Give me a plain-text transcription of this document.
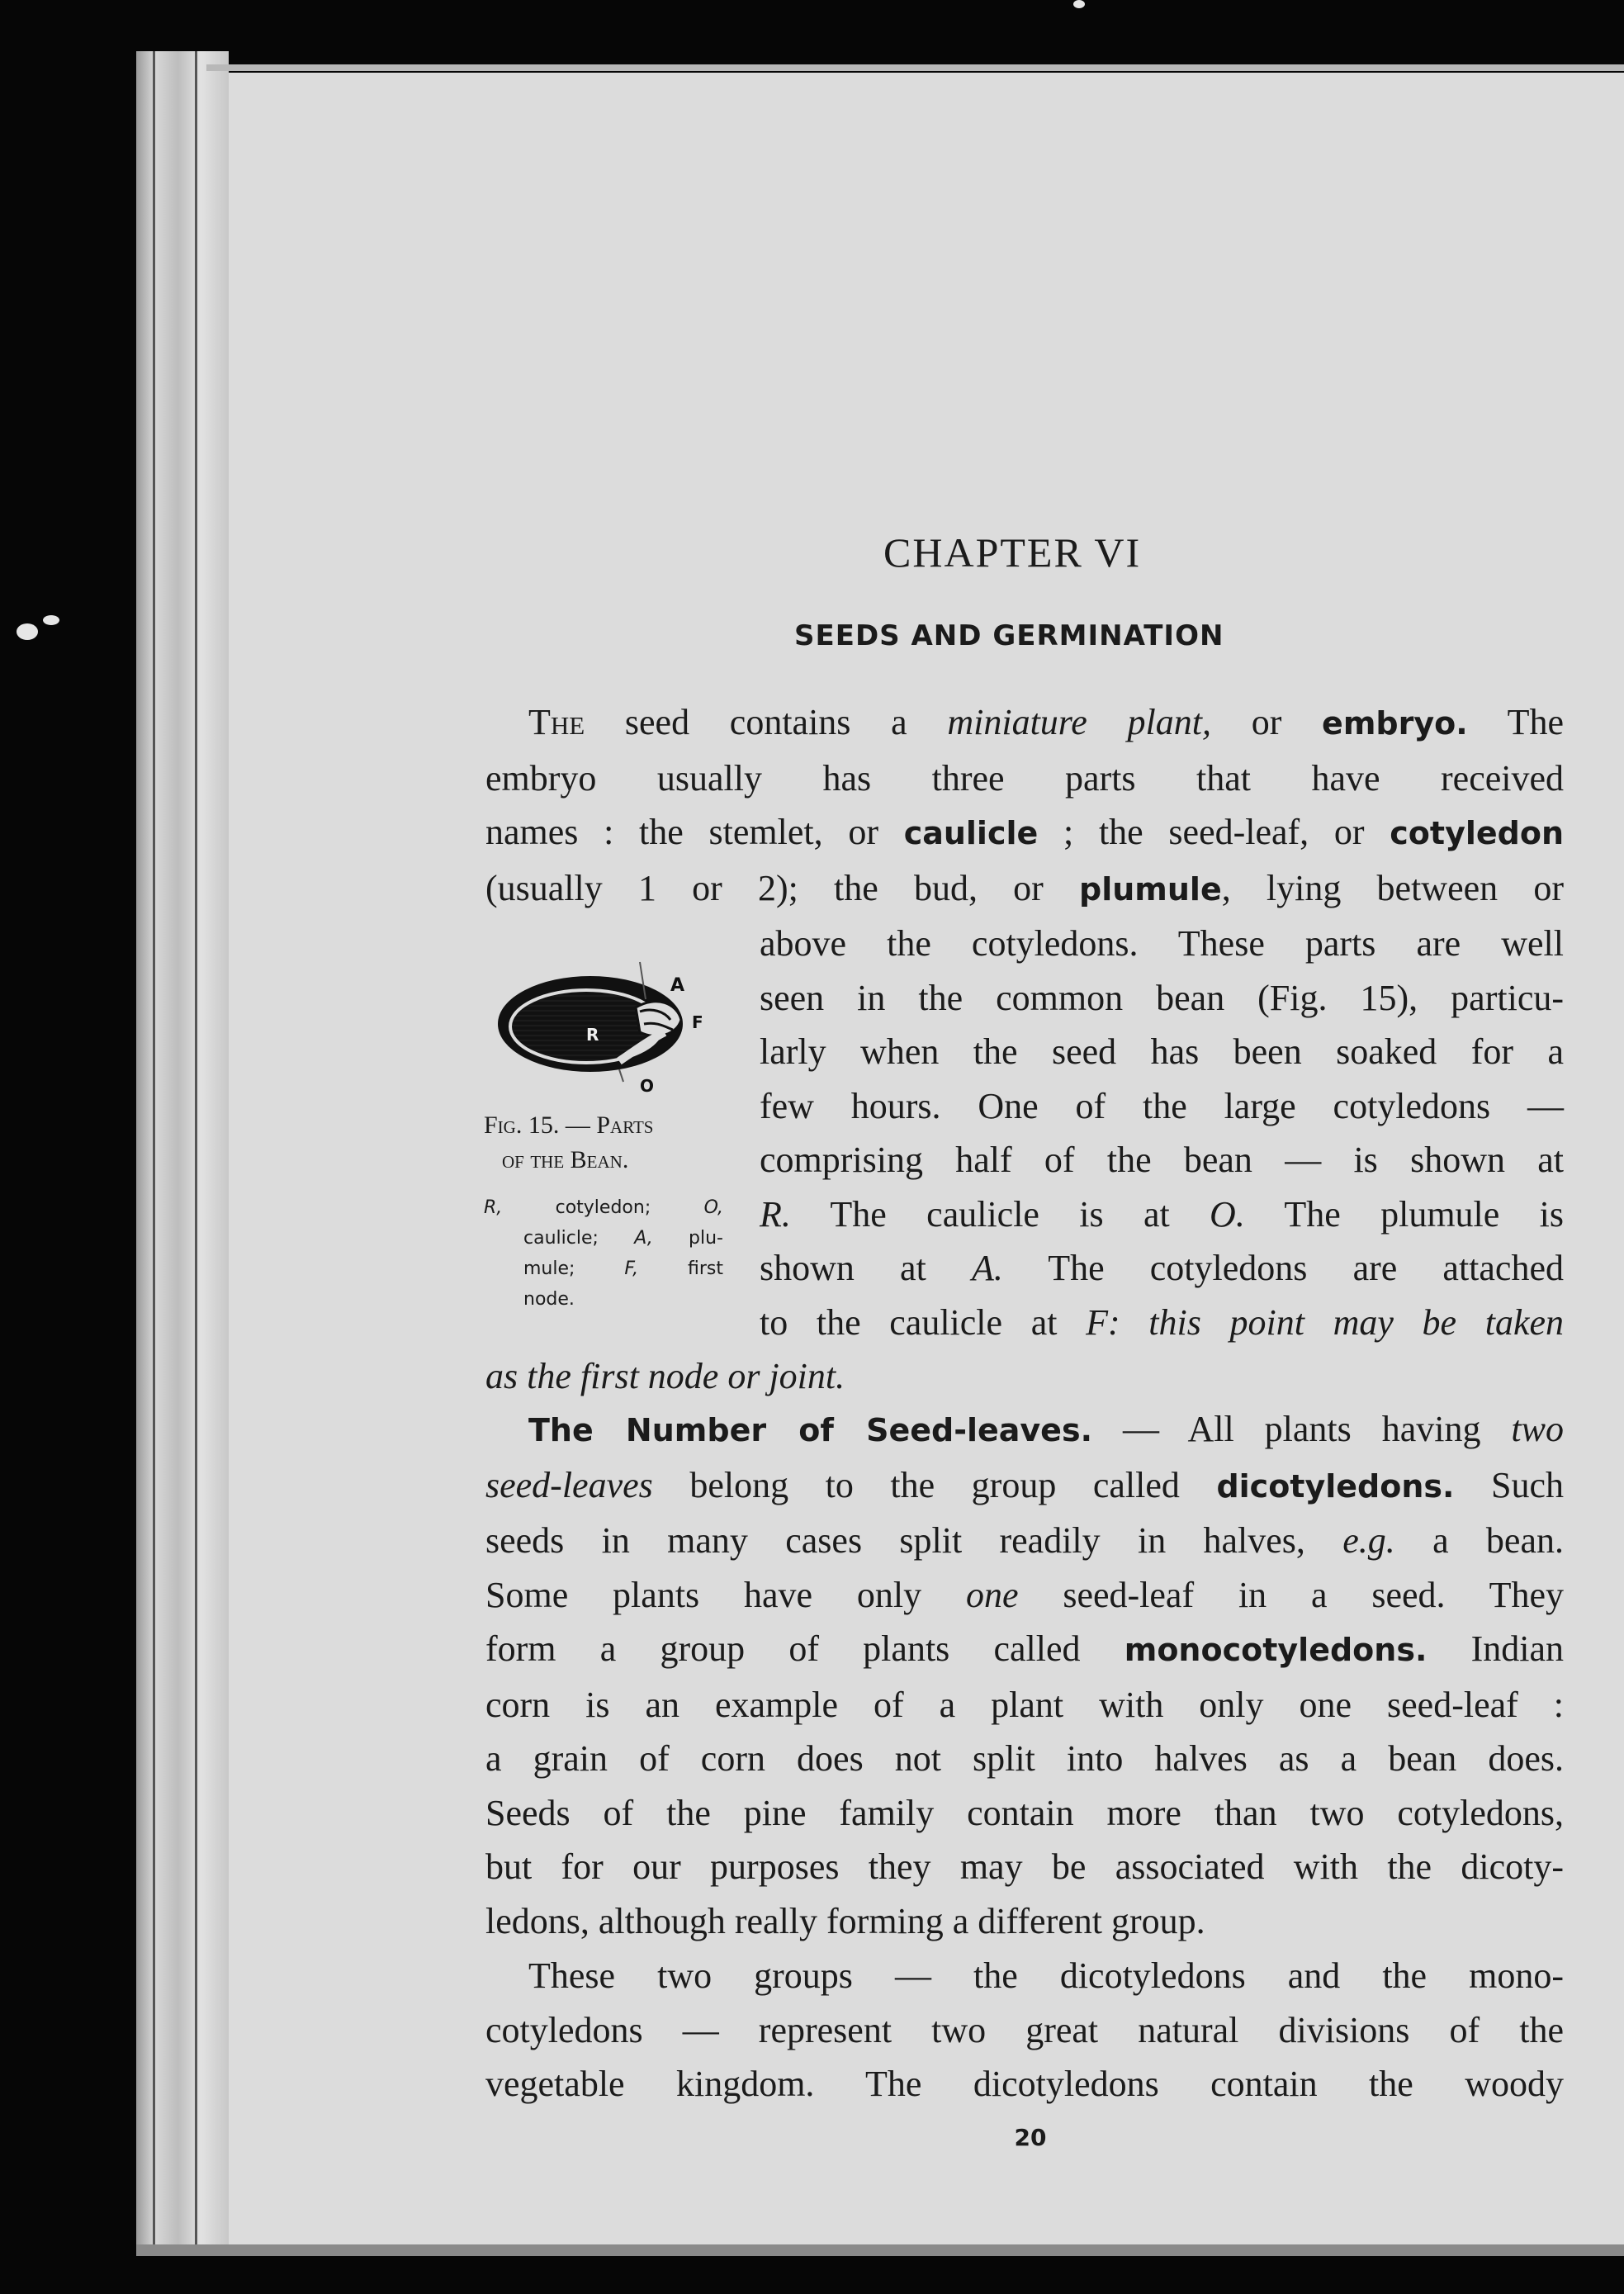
CHAPTER VI
SEEDS AND GERMINATION
The seed contains a miniature plant, or embryo. The
embryo usually has three parts that have received
names : the stemlet, or caulicle ; the seed-leaf, or cotyledon
(usually 1 or 2); the bud, or plumule, lying between or
above the cotyledons. These parts are well
seen in the common bean (Fig. 15), particu-
larly when the seed has been soaked for a
few hours. One of the large cotyledons —
comprising half of the bean — is shown at
R. The caulicle is at O. The plumule is
shown at A. The cotyledons are attached
to the caulicle at F: this point may be taken
as the first node or joint.
A
R
O
F
Fig. 15. — Parts
of the Bean.
R, cotyledon; O,
caulicle; A, plu-
mule; F, first
node.
The Number of Seed-leaves. — All plants having two
seed-leaves belong to the group called dicotyledons. Such
seeds in many cases split readily in halves, e.g. a bean.
Some plants have only one seed-leaf in a seed. They
form a group of plants called monocotyledons. Indian
corn is an example of a plant with only one seed-leaf :
a grain of corn does not split into halves as a bean does.
Seeds of the pine family contain more than two cotyledons,
but for our purposes they may be associated with the dicoty-
ledons, although really forming a different group.
These two groups — the dicotyledons and the mono-
cotyledons — represent two great natural divisions of the
vegetable kingdom. The dicotyledons contain the woody
20
